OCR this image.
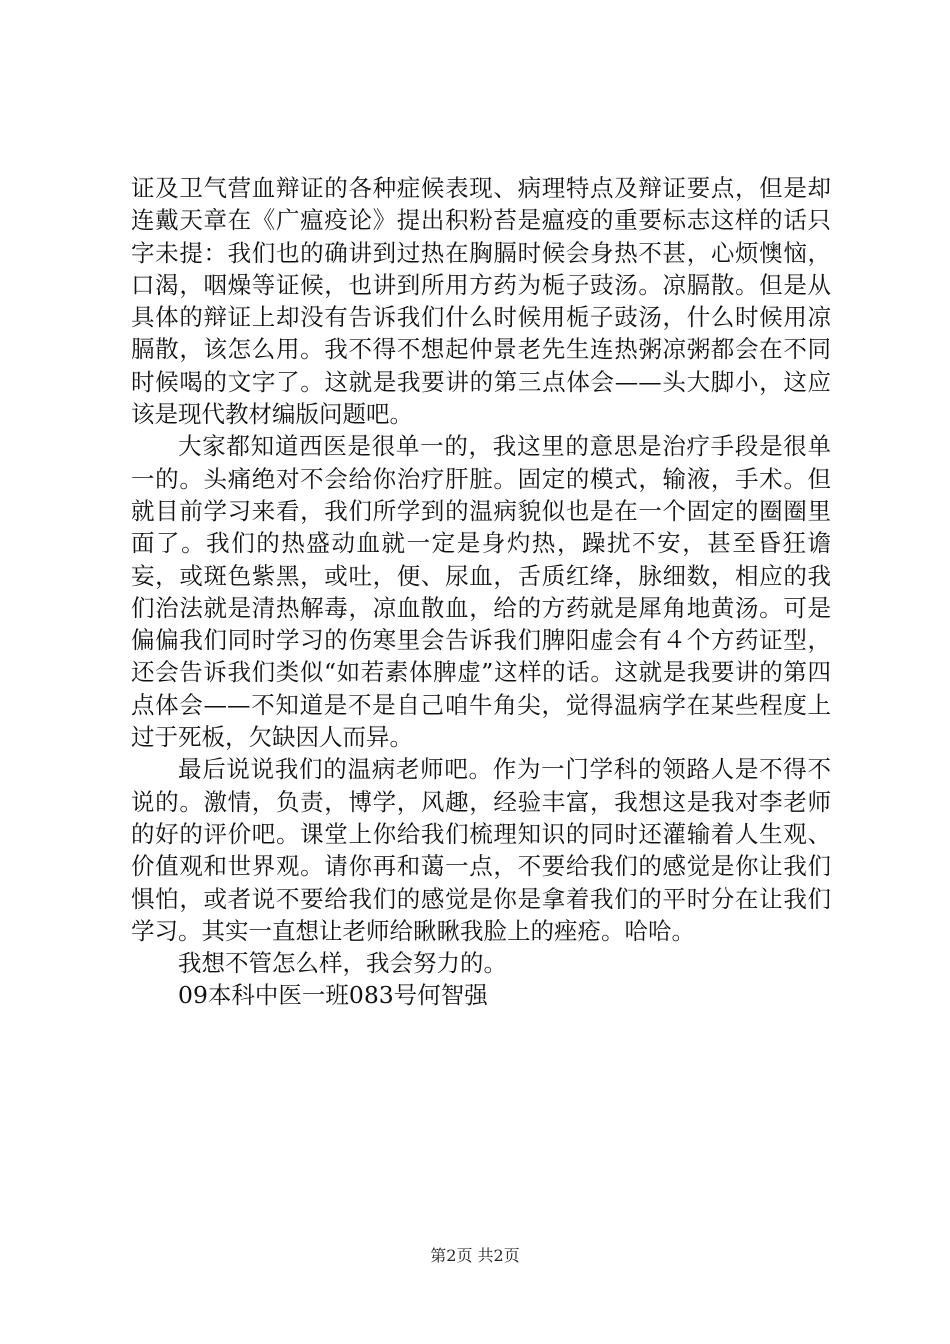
证及卫气营血辩证的各种症候表现、病理特点及辩证要点，但是却连戴天章在《广瘟疫论》提出积粉苔是瘟疫的重要标志这样的话只字未提：我们也的确讲到过热在胸膈时候会身热不甚，心烦懊恼，口渴，咽燥等证候，也讲到所用方药为栀子豉汤。凉膈散。但是从具体的辩证上却没有告诉我们什么时候用栀子豉汤，什么时候用凉膈散，该怎么用。我不得不想起仲景老先生连热粥凉粥都会在不同时候喝的文字了。这就是我要讲的第三点体会——头大脚小，这应该是现代教材编版问题吧。

大家都知道西医是很单一的，我这里的意思是治疗手段是很单一的。头痛绝对不会给你治疗肝脏。固定的模式，输液，手术。但就目前学习来看，我们所学到的温病貌似也是在一个固定的圈圈里面了。我们的热盛动血就一定是身灼热，躁扰不安，甚至昏狂谵妄，或斑色紫黑，或吐，便、尿血，舌质红绛，脉细数，相应的我们治法就是清热解毒，凉血散血，给的方药就是犀角地黄汤。可是偏偏我们同时学习的伤寒里会告诉我们脾阳虚会有４个方药证型，还会告诉我们类似“如若素体脾虚”这样的话。这就是我要讲的第四点体会——不知道是不是自己咱牛角尖，觉得温病学在某些程度上过于死板，欠缺因人而异。

最后说说我们的温病老师吧。作为一门学科的领路人是不得不说的。激情，负责，博学，风趣，经验丰富，我想这是我对李老师的好的评价吧。课堂上你给我们梳理知识的同时还灌输着人生观、价值观和世界观。请你再和蔼一点，不要给我们的感觉是你让我们惧怕，或者说不要给我们的感觉是你是拿着我们的平时分在让我们学习。其实一直想让老师给瞅瞅我脸上的痤疮。哈哈。

我想不管怎么样，我会努力的。

09本科中医一班083号何智强

第2页 共2页
